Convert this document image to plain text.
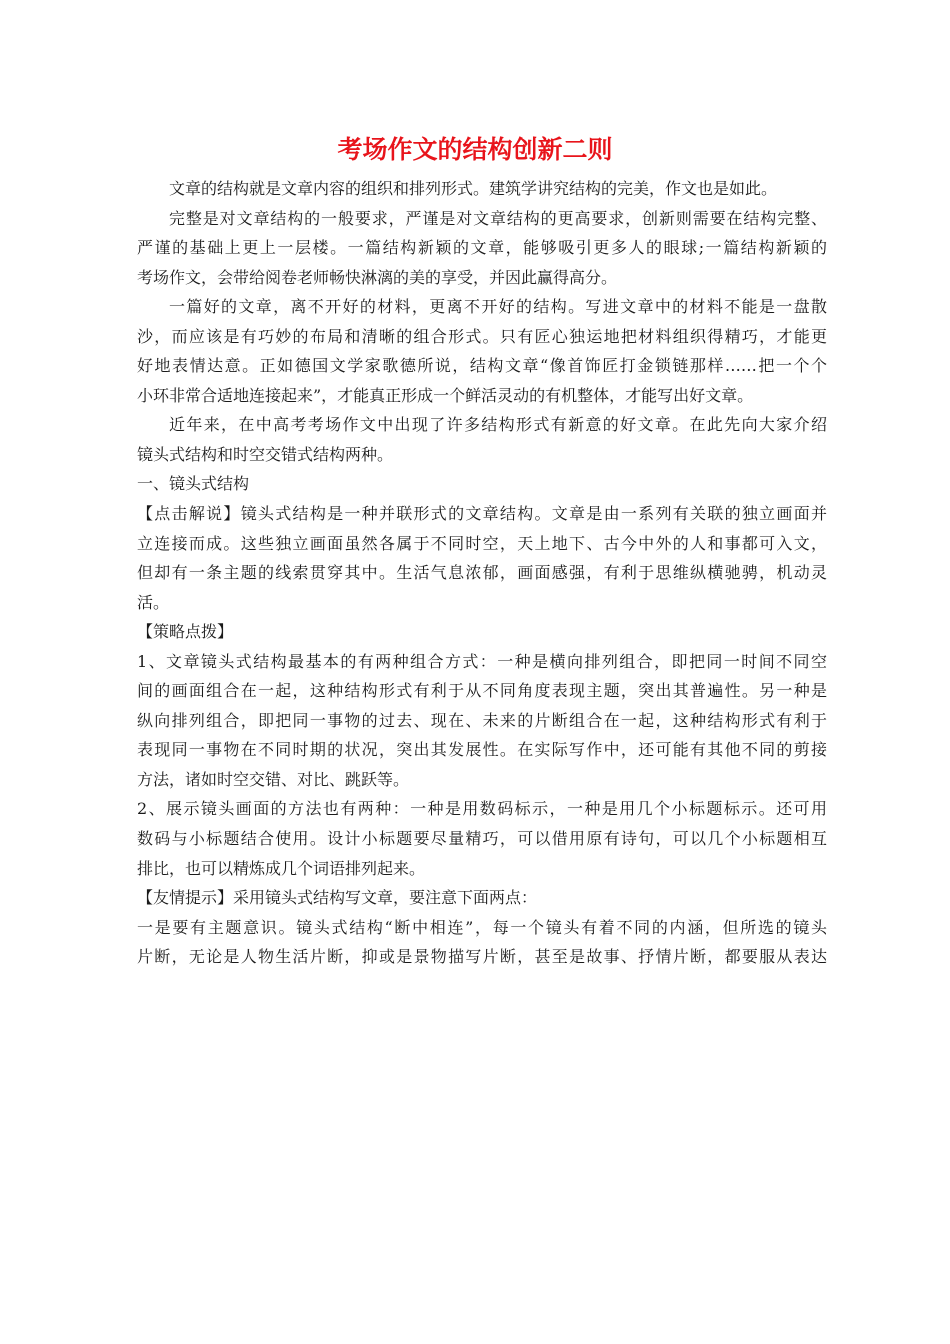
考场作文的结构创新二则
文章的结构就是文章内容的组织和排列形式。建筑学讲究结构的完美，作文也是如此。
完整是对文章结构的一般要求，严谨是对文章结构的更高要求，创新则需要在结构完整、
严谨的基础上更上一层楼。一篇结构新颖的文章，能够吸引更多人的眼球;一篇结构新颖的
考场作文，会带给阅卷老师畅快淋漓的美的享受，并因此赢得高分。
一篇好的文章，离不开好的材料，更离不开好的结构。写进文章中的材料不能是一盘散
沙，而应该是有巧妙的布局和清晰的组合形式。只有匠心独运地把材料组织得精巧，才能更
好地表情达意。正如德国文学家歌德所说，结构文章“像首饰匠打金锁链那样……把一个个
小环非常合适地连接起来”，才能真正形成一个鲜活灵动的有机整体，才能写出好文章。
近年来，在中高考考场作文中出现了许多结构形式有新意的好文章。在此先向大家介绍
镜头式结构和时空交错式结构两种。
一、镜头式结构
【点击解说】镜头式结构是一种并联形式的文章结构。文章是由一系列有关联的独立画面并
立连接而成。这些独立画面虽然各属于不同时空，天上地下、古今中外的人和事都可入文，
但却有一条主题的线索贯穿其中。生活气息浓郁，画面感强，有利于思维纵横驰骋，机动灵
活。
【策略点拨】
1、文章镜头式结构最基本的有两种组合方式：一种是横向排列组合，即把同一时间不同空
间的画面组合在一起，这种结构形式有利于从不同角度表现主题，突出其普遍性。另一种是
纵向排列组合，即把同一事物的过去、现在、未来的片断组合在一起，这种结构形式有利于
表现同一事物在不同时期的状况，突出其发展性。在实际写作中，还可能有其他不同的剪接
方法，诸如时空交错、对比、跳跃等。
2、展示镜头画面的方法也有两种：一种是用数码标示，一种是用几个小标题标示。还可用
数码与小标题结合使用。设计小标题要尽量精巧，可以借用原有诗句，可以几个小标题相互
排比，也可以精炼成几个词语排列起来。
【友情提示】采用镜头式结构写文章，要注意下面两点：
一是要有主题意识。镜头式结构“断中相连”，每一个镜头有着不同的内涵，但所选的镜头
片断，无论是人物生活片断，抑或是景物描写片断，甚至是故事、抒情片断，都要服从表达
